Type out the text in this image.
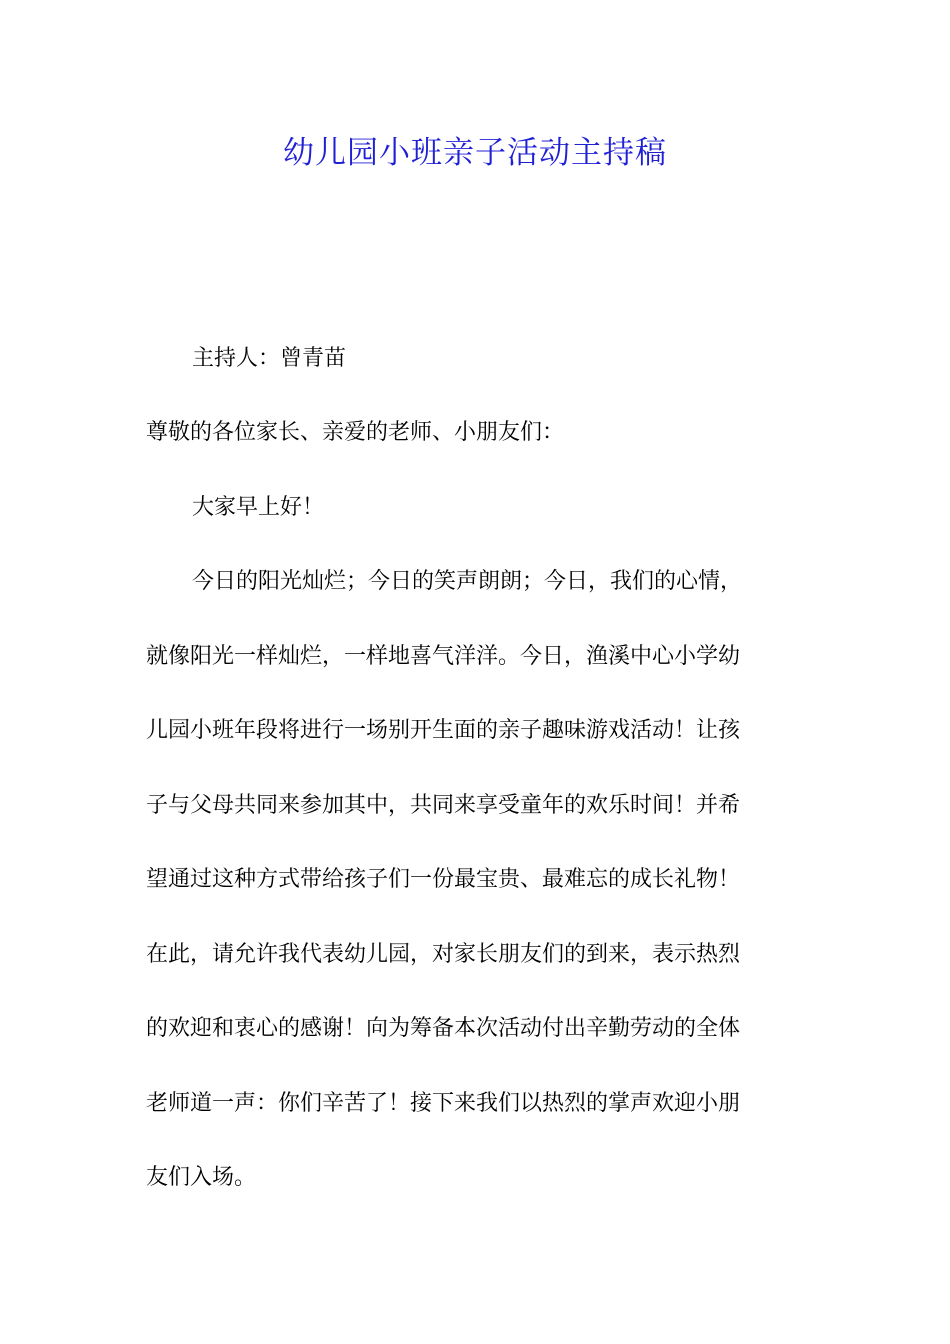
幼儿园小班亲子活动主持稿
主持人：曾青苗
尊敬的各位家长、亲爱的老师、小朋友们：
大家早上好！
今日的阳光灿烂；今日的笑声朗朗；今日，我们的心情，
就像阳光一样灿烂，一样地喜气洋洋。今日，渔溪中心小学幼
儿园小班年段将进行一场别开生面的亲子趣味游戏活动！让孩
子与父母共同来参加其中，共同来享受童年的欢乐时间！并希
望通过这种方式带给孩子们一份最宝贵、最难忘的成长礼物！
在此，请允许我代表幼儿园，对家长朋友们的到来，表示热烈
的欢迎和衷心的感谢！向为筹备本次活动付出辛勤劳动的全体
老师道一声：你们辛苦了！接下来我们以热烈的掌声欢迎小朋
友们入场。
